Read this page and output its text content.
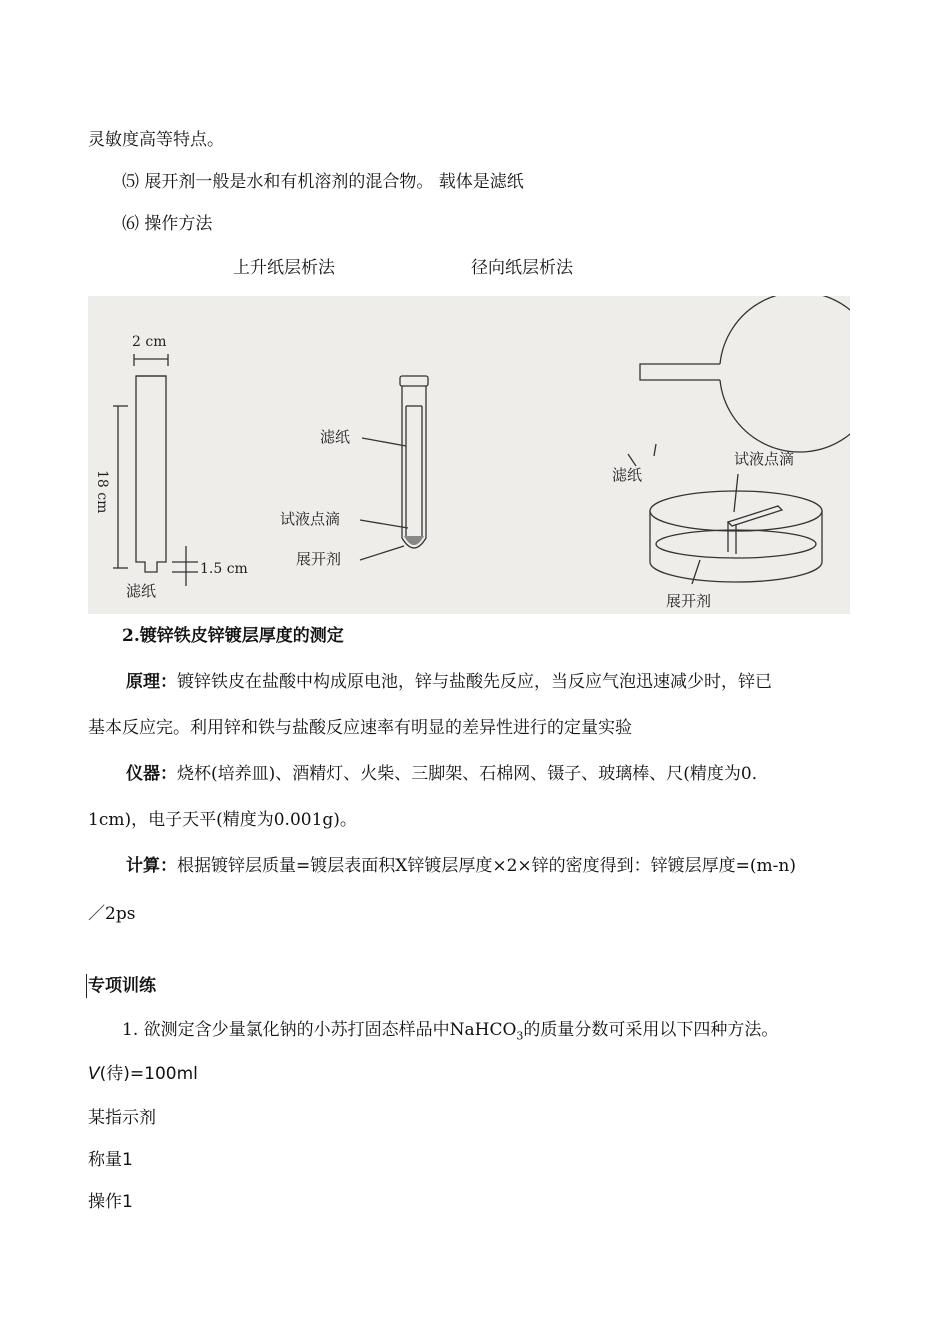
灵敏度高等特点。
⑸ 展开剂一般是水和有机溶剂的混合物。 载体是滤纸
⑹ 操作方法
上升纸层析法	径向纸层析法
2 cm
18 cm
1.5 cm
滤纸
滤纸
试液点滴
展开剂
滤纸
试液点滴
展开剂
2.镀锌铁皮锌镀层厚度的测定
原理：镀锌铁皮在盐酸中构成原电池，锌与盐酸先反应，当反应气泡迅速减少时，锌已
基本反应完。利用锌和铁与盐酸反应速率有明显的差异性进行的定量实验
仪器：烧杯(培养皿)、酒精灯、火柴、三脚架、石棉网、镊子、玻璃棒、尺(精度为0．
1cm)，电子天平(精度为0.001g)。
计算：根据镀锌层质量=镀层表面积X锌镀层厚度×2×锌的密度得到：锌镀层厚度=(m-n)
／2ps
专项训练
1. 欲测定含少量氯化钠的小苏打固态样品中NaHCO$_3$的质量分数可采用以下四种方法。
V(待)=100ml
某指示剂
称量1
操作1
